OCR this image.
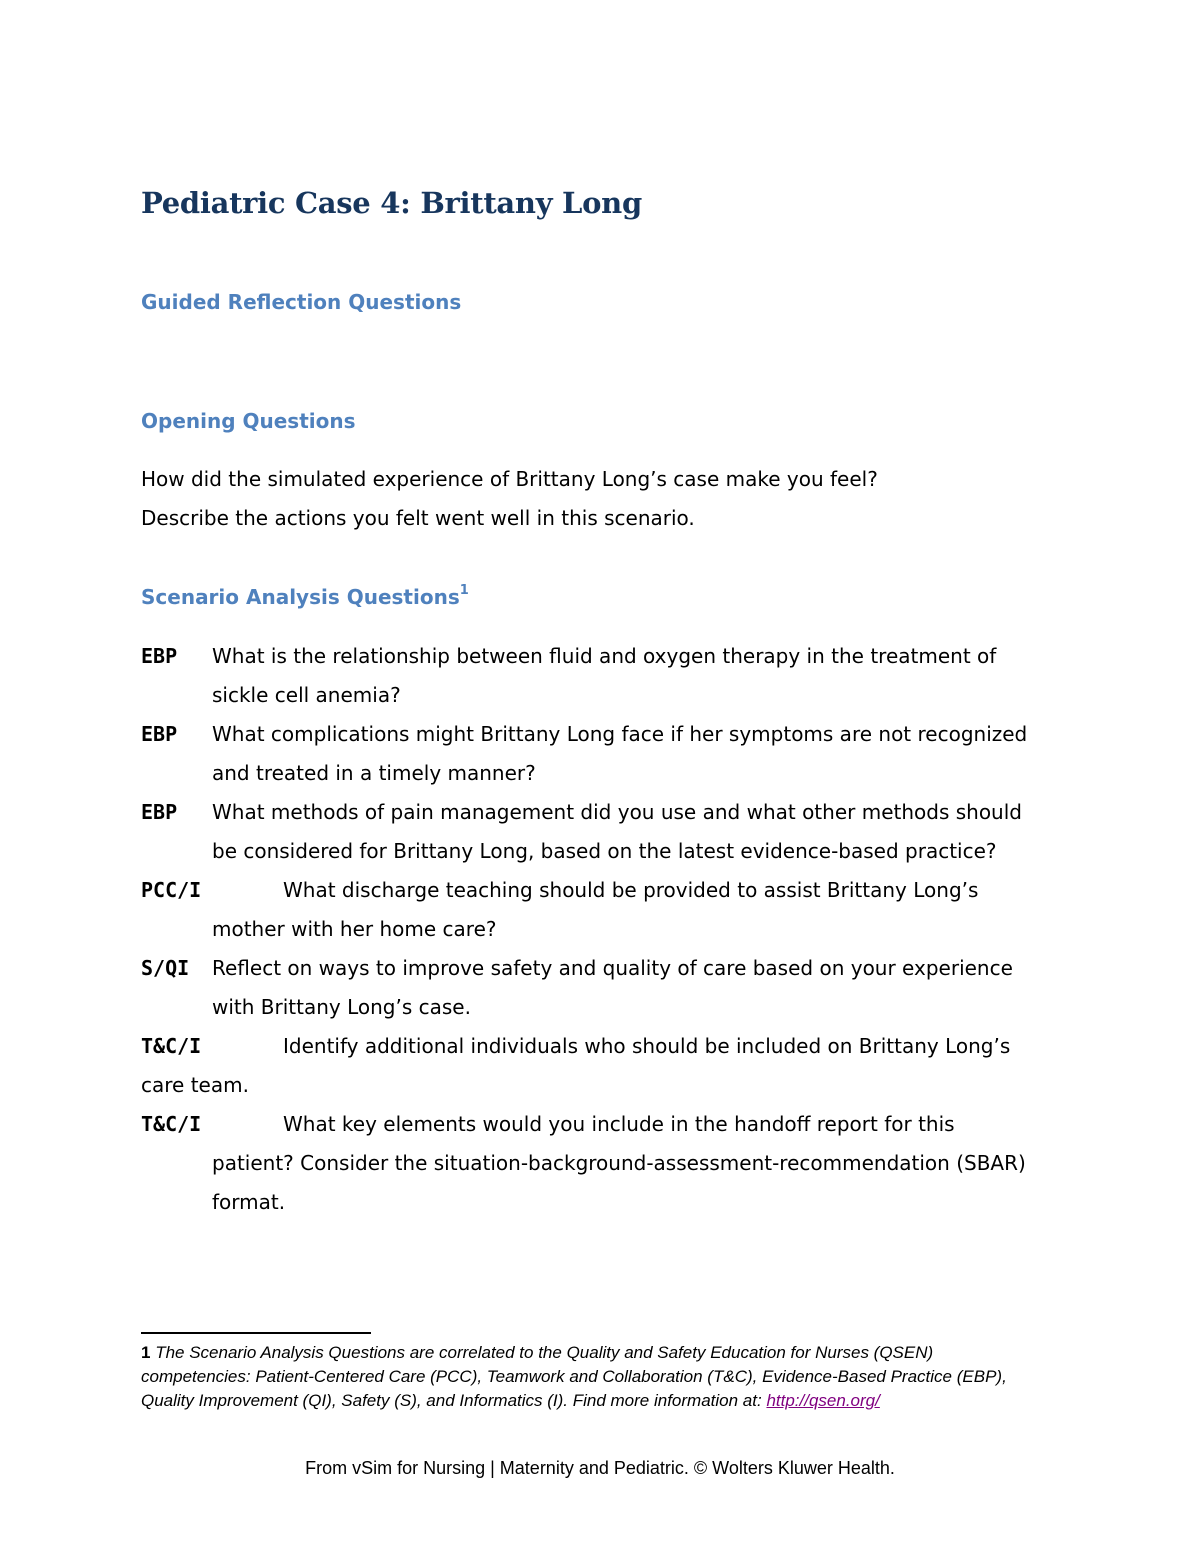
Pediatric Case 4: Brittany Long
Guided Reflection Questions
Opening Questions
How did the simulated experience of Brittany Long’s case make you feel?
Describe the actions you felt went well in this scenario.
Scenario Analysis Questions$^1$
EBP	What is the relationship between fluid and oxygen therapy in the treatment of sickle cell anemia?
EBP	What complications might Brittany Long face if her symptoms are not recognized and treated in a timely manner?
EBP	What methods of pain management did you use and what other methods should be considered for Brittany Long, based on the latest evidence-based practice?
PCC/I	What discharge teaching should be provided to assist Brittany Long’s mother with her home care?
S/QI	Reflect on ways to improve safety and quality of care based on your experience with Brittany Long’s case.
T&C/I	Identify additional individuals who should be included on Brittany Long’s care team.
T&C/I	What key elements would you include in the handoff report for this patient? Consider the situation-background-assessment-recommendation (SBAR) format.
1 The Scenario Analysis Questions are correlated to the Quality and Safety Education for Nurses (QSEN) competencies: Patient-Centered Care (PCC), Teamwork and Collaboration (T&C), Evidence-Based Practice (EBP), Quality Improvement (QI), Safety (S), and Informatics (I). Find more information at: http://qsen.org/
From vSim for Nursing | Maternity and Pediatric. © Wolters Kluwer Health.
